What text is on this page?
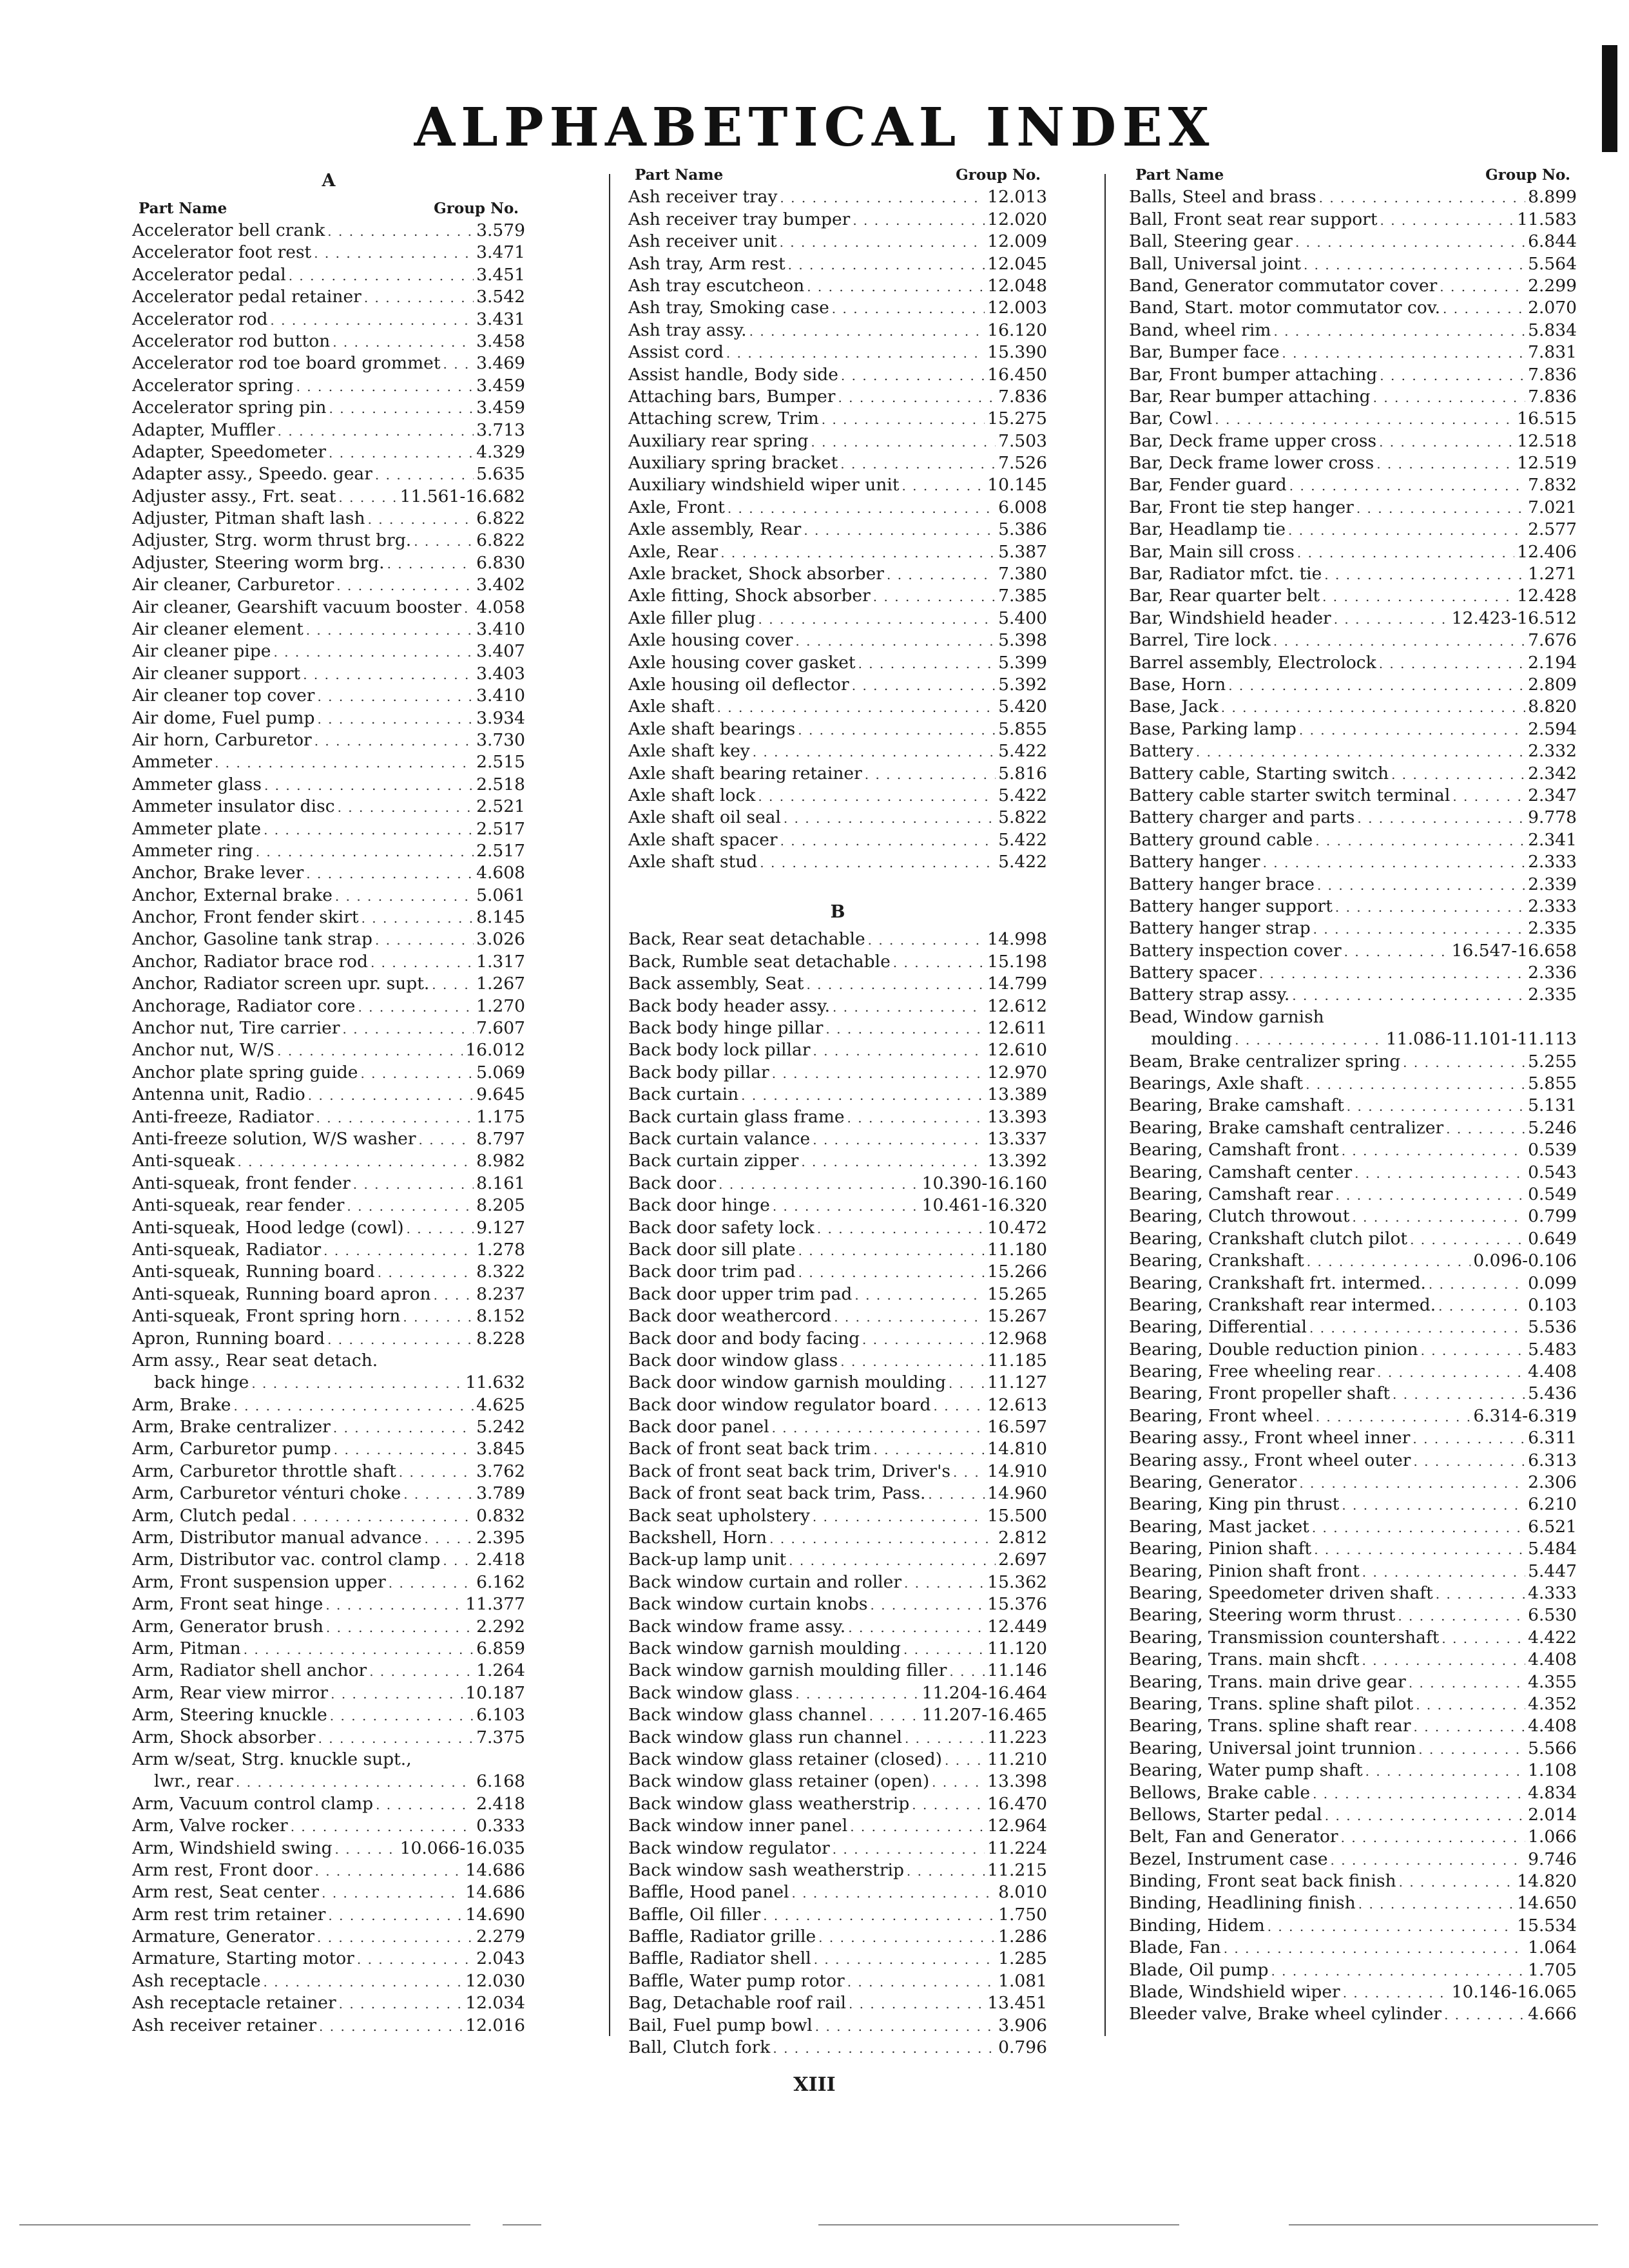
ALPHABETICAL INDEX
A
Part Name	Group No.
Accelerator bell crank . . .	3.579
Accelerator foot rest . . .	3.471
Accelerator pedal . . .	3.451
Accelerator pedal retainer . . .	3.542
Accelerator rod . . .	3.431
Accelerator rod button . . .	3.458
Accelerator rod toe board grommet . . . 3.469
Accelerator spring . . .	3.459
Accelerator spring pin . . .	3.459
Adapter, Muffler . . .	3.713
Adapter, Speedometer . . .	4.329
Adapter assy., Speedo. gear . . .	5.635
Adjuster assy., Frt. seat . . .	11.561-16.682
Adjuster, Pitman shaft lash . . .	6.822
Adjuster, Strg. worm thrust brg. . . .	6.822
Adjuster, Steering worm brg. . . .	6.830
Air cleaner, Carburetor . . .	3.402
Air cleaner, Gearshift vacuum booster . . . 4.058
Air cleaner element . . .	3.410
Air cleaner pipe . . .	3.407
Air cleaner support . . .	3.403
Air cleaner top cover . . .	3.410
Air dome, Fuel pump . . .	3.934
Air horn, Carburetor . . .	3.730
Ammeter . . .	2.515
Ammeter glass . . .	2.518
Ammeter insulator disc . . .	2.521
Ammeter plate . . .	2.517
Ammeter ring . . .	2.517
Anchor, Brake lever . . .	4.608
Anchor, External brake . . .	5.061
Anchor, Front fender skirt . . .	8.145
Anchor, Gasoline tank strap . . .	3.026
Anchor, Radiator brace rod . . .	1.317
Anchor, Radiator screen upr. supt. . . .	1.267
Anchorage, Radiator core . . .	1.270
Anchor nut, Tire carrier . . .	7.607
Anchor nut, W/S . . .	16.012
Anchor plate spring guide . . .	5.069
Antenna unit, Radio . . .	9.645
Anti-freeze, Radiator . . .	1.175
Anti-freeze solution, W/S washer . . .	8.797
Anti-squeak . . .	8.982
Anti-squeak, front fender . . .	8.161
Anti-squeak, rear fender . . .	8.205
Anti-squeak, Hood ledge (cowl) . . .	9.127
Anti-squeak, Radiator . . .	1.278
Anti-squeak, Running board . . .	8.322
Anti-squeak, Running board apron . . .	8.237
Anti-squeak, Front spring horn . . .	8.152
Apron, Running board . . .	8.228
Arm assy., Rear seat detach.
back hinge . . .	11.632
Arm, Brake . . .	4.625
Arm, Brake centralizer . . .	5.242
Arm, Carburetor pump . . .	3.845
Arm, Carburetor throttle shaft . . .	3.762
Arm, Carburetor vénturi choke . . .	3.789
Arm, Clutch pedal . . .	0.832
Arm, Distributor manual advance . . .	2.395
Arm, Distributor vac. control clamp . . . 2.418
Arm, Front suspension upper . . .	6.162
Arm, Front seat hinge . . .	11.377
Arm, Generator brush . . .	2.292
Arm, Pitman . . .	6.859
Arm, Radiator shell anchor . . .	1.264
Arm, Rear view mirror . . .	10.187
Arm, Steering knuckle . . .	6.103
Arm, Shock absorber . . .	7.375
Arm w/seat, Strg. knuckle supt.,
lwr., rear . . .	6.168
Arm, Vacuum control clamp . . .	2.418
Arm, Valve rocker . . .	0.333
Arm, Windshield swing . . .	10.066-16.035
Arm rest, Front door . . .	14.686
Arm rest, Seat center . . .	14.686
Arm rest trim retainer . . .	14.690
Armature, Generator . . .	2.279
Armature, Starting motor . . .	2.043
Ash receptacle . . .	12.030
Ash receptacle retainer . . .	12.034
Ash receiver retainer . . .	12.016
Part Name	Group No.
Ash receiver tray . . .	12.013
Ash receiver tray bumper . . .	12.020
Ash receiver unit . . .	12.009
Ash tray, Arm rest . . .	12.045
Ash tray escutcheon . . .	12.048
Ash tray, Smoking case . . .	12.003
Ash tray assy. . . .	16.120
Assist cord . . .	15.390
Assist handle, Body side . . .	16.450
Attaching bars, Bumper . . .	7.836
Attaching screw, Trim . . .	15.275
Auxiliary rear spring . . .	7.503
Auxiliary spring bracket . . .	7.526
Auxiliary windshield wiper unit . . .	10.145
Axle, Front . . .	6.008
Axle assembly, Rear . . .	5.386
Axle, Rear . . .	5.387
Axle bracket, Shock absorber . . .	7.380
Axle fitting, Shock absorber . . .	7.385
Axle filler plug . . .	5.400
Axle housing cover . . .	5.398
Axle housing cover gasket . . .	5.399
Axle housing oil deflector . . .	5.392
Axle shaft . . .	5.420
Axle shaft bearings . . .	5.855
Axle shaft key . . .	5.422
Axle shaft bearing retainer . . .	5.816
Axle shaft lock . . .	5.422
Axle shaft oil seal . . .	5.822
Axle shaft spacer . . .	5.422
Axle shaft stud . . .	5.422
B
Back, Rear seat detachable . . .	14.998
Back, Rumble seat detachable . . .	15.198
Back assembly, Seat . . .	14.799
Back body header assy. . . .	12.612
Back body hinge pillar . . .	12.611
Back body lock pillar . . .	12.610
Back body pillar . . .	12.970
Back curtain . . .	13.389
Back curtain glass frame . . .	13.393
Back curtain valance . . .	13.337
Back curtain zipper . . .	13.392
Back door . . .	10.390-16.160
Back door hinge . . .	10.461-16.320
Back door safety lock . . .	10.472
Back door sill plate . . .	11.180
Back door trim pad . . .	15.266
Back door upper trim pad . . .	15.265
Back door weathercord . . .	15.267
Back door and body facing . . .	12.968
Back door window glass . . .	11.185
Back door window garnish moulding . . . 11.127
Back door window regulator board . . .	12.613
Back door panel . . .	16.597
Back of front seat back trim . . .	14.810
Back of front seat back trim, Driver's . . . 14.910
Back of front seat back trim, Pass. . . .	14.960
Back seat upholstery . . .	15.500
Backshell, Horn . . .	2.812
Back-up lamp unit . . .	2.697
Back window curtain and roller . . .	15.362
Back window curtain knobs . . .	15.376
Back window frame assy. . . .	12.449
Back window garnish moulding . . .	11.120
Back window garnish moulding filler . . . 11.146
Back window glass . . .	11.204-16.464
Back window glass channel . . .	11.207-16.465
Back window glass run channel . . .	11.223
Back window glass retainer (closed) . . .	11.210
Back window glass retainer (open) . . .	13.398
Back window glass weatherstrip . . .	16.470
Back window inner panel . . .	12.964
Back window regulator . . .	11.224
Back window sash weatherstrip . . .	11.215
Baffle, Hood panel . . .	8.010
Baffle, Oil filler . . .	1.750
Baffle, Radiator grille . . .	1.286
Baffle, Radiator shell . . .	1.285
Baffle, Water pump rotor . . .	1.081
Bag, Detachable roof rail . . .	13.451
Bail, Fuel pump bowl . . .	3.906
Ball, Clutch fork . . .	0.796
Part Name	Group No.
Balls, Steel and brass . . .	8.899
Ball, Front seat rear support . . .	11.583
Ball, Steering gear . . .	6.844
Ball, Universal joint . . .	5.564
Band, Generator commutator cover . . .	2.299
Band, Start. motor commutator cov. . . .	2.070
Band, wheel rim . . .	5.834
Bar, Bumper face . . .	7.831
Bar, Front bumper attaching . . .	7.836
Bar, Rear bumper attaching . . .	7.836
Bar, Cowl . . .	16.515
Bar, Deck frame upper cross . . .	12.518
Bar, Deck frame lower cross . . .	12.519
Bar, Fender guard . . .	7.832
Bar, Front tie step hanger . . .	7.021
Bar, Headlamp tie . . .	2.577
Bar, Main sill cross . . .	12.406
Bar, Radiator mfct. tie . . .	1.271
Bar, Rear quarter belt . . .	12.428
Bar, Windshield header . . .	12.423-16.512
Barrel, Tire lock . . .	7.676
Barrel assembly, Electrolock . . .	2.194
Base, Horn . . .	2.809
Base, Jack . . .	8.820
Base, Parking lamp . . .	2.594
Battery . . .	2.332
Battery cable, Starting switch . . .	2.342
Battery cable starter switch terminal . . .	2.347
Battery charger and parts . . .	9.778
Battery ground cable . . .	2.341
Battery hanger . . .	2.333
Battery hanger brace . . .	2.339
Battery hanger support . . .	2.333
Battery hanger strap . . .	2.335
Battery inspection cover . . .	16.547-16.658
Battery spacer . . .	2.336
Battery strap assy. . . .	2.335
Bead, Window garnish
moulding . . .	11.086-11.101-11.113
Beam, Brake centralizer spring . . .	5.255
Bearings, Axle shaft . . .	5.855
Bearing, Brake camshaft . . .	5.131
Bearing, Brake camshaft centralizer . . .	5.246
Bearing, Camshaft front . . .	0.539
Bearing, Camshaft center . . .	0.543
Bearing, Camshaft rear . . .	0.549
Bearing, Clutch throwout . . .	0.799
Bearing, Crankshaft clutch pilot . . .	0.649
Bearing, Crankshaft . . .	0.096-0.106
Bearing, Crankshaft frt. intermed. . . .	0.099
Bearing, Crankshaft rear intermed. . . .	0.103
Bearing, Differential . . .	5.536
Bearing, Double reduction pinion . . .	5.483
Bearing, Free wheeling rear . . .	4.408
Bearing, Front propeller shaft . . .	5.436
Bearing, Front wheel . . .	6.314-6.319
Bearing assy., Front wheel inner . . .	6.311
Bearing assy., Front wheel outer . . .	6.313
Bearing, Generator . . .	2.306
Bearing, King pin thrust . . .	6.210
Bearing, Mast jacket . . .	6.521
Bearing, Pinion shaft . . .	5.484
Bearing, Pinion shaft front . . .	5.447
Bearing, Speedometer driven shaft . . .	4.333
Bearing, Steering worm thrust . . .	6.530
Bearing, Transmission countershaft . . .	4.422
Bearing, Trans. main shcft . . .	4.408
Bearing, Trans. main drive gear . . .	4.355
Bearing, Trans. spline shaft pilot . . .	4.352
Bearing, Trans. spline shaft rear . . .	4.408
Bearing, Universal joint trunnion . . .	5.566
Bearing, Water pump shaft . . .	1.108
Bellows, Brake cable . . .	4.834
Bellows, Starter pedal . . .	2.014
Belt, Fan and Generator . . .	1.066
Bezel, Instrument case . . .	9.746
Binding, Front seat back finish . . .	14.820
Binding, Headlining finish . . .	14.650
Binding, Hidem . . .	15.534
Blade, Fan . . .	1.064
Blade, Oil pump . . .	1.705
Blade, Windshield wiper . . .	10.146-16.065
Bleeder valve, Brake wheel cylinder . . .	4.666

XIII
